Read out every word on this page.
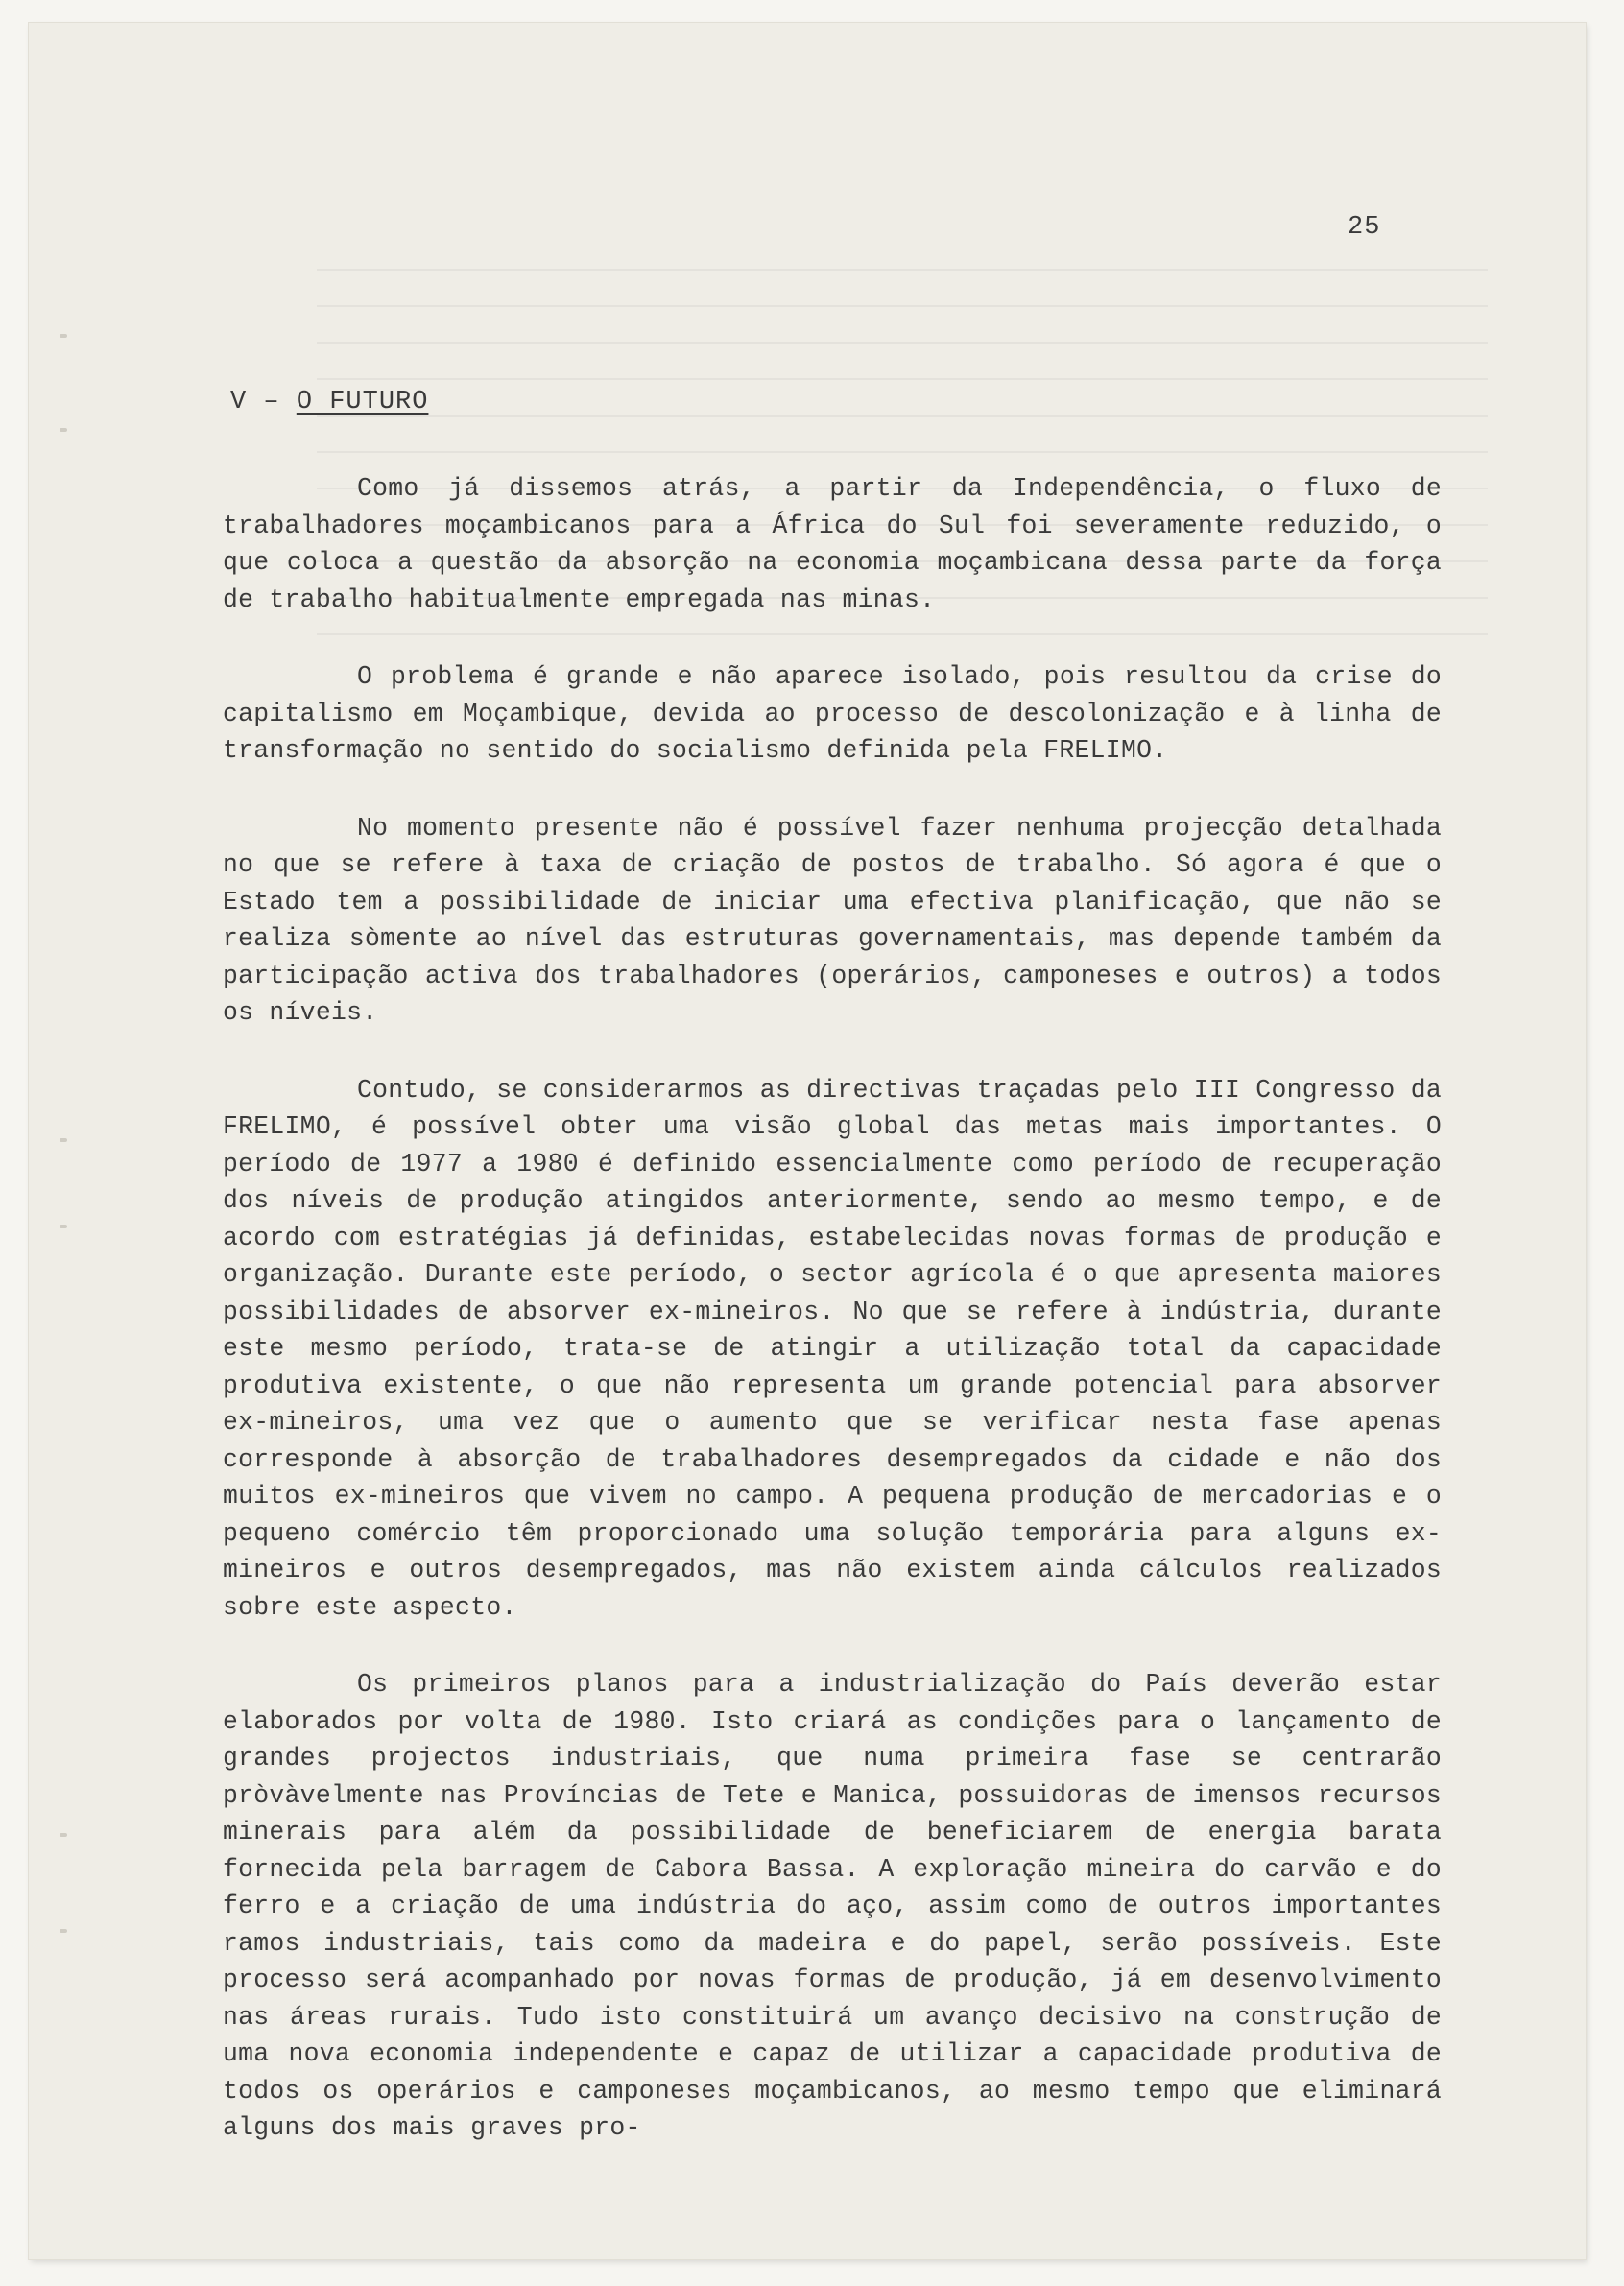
25
V – O FUTURO

Como já dissemos atrás, a partir da Independência, o fluxo de trabalhadores moçambicanos para a África do Sul foi severamente reduzido, o que coloca a questão da absorção na economia moçambicana dessa parte da força de trabalho habitualmente empregada nas minas.

O problema é grande e não aparece isolado, pois resultou da crise do capitalismo em Moçambique, devida ao processo de descolonização e à linha de transformação no sentido do socialismo definida pela FRELIMO.

No momento presente não é possível fazer nenhuma projecção detalhada no que se refere à taxa de criação de postos de trabalho. Só agora é que o Estado tem a possibilidade de iniciar uma efectiva planificação, que não se realiza sòmente ao nível das estruturas governamentais, mas depende também da participação activa dos trabalhadores (operários, camponeses e outros) a todos os níveis.

Contudo, se considerarmos as directivas traçadas pelo III Congresso da FRELIMO, é possível obter uma visão global das metas mais importantes. O período de 1977 a 1980 é definido essencialmente como período de recuperação dos níveis de produção atingidos anteriormente, sendo ao mesmo tempo, e de acordo com estratégias já definidas, estabelecidas novas formas de produção e organização. Durante este período, o sector agrícola é o que apresenta maiores possibilidades de absorver ex-mineiros. No que se refere à indústria, durante este mesmo período, trata-se de atingir a utilização total da capacidade produtiva existente, o que não representa um grande potencial para absorver ex-mineiros, uma vez que o aumento que se verificar nesta fase apenas corresponde à absorção de trabalhadores desempregados da cidade e não dos muitos ex-mineiros que vivem no campo. A pequena produção de mercadorias e o pequeno comércio têm proporcionado uma solução temporária para alguns ex-mineiros e outros desempregados, mas não existem ainda cálculos realizados sobre este aspecto.

Os primeiros planos para a industrialização do País deverão estar elaborados por volta de 1980. Isto criará as condições para o lançamento de grandes projectos industriais, que numa primeira fase se centrarão pròvàvelmente nas Províncias de Tete e Manica, possuidoras de imensos recursos minerais para além da possibilidade de beneficiarem de energia barata fornecida pela barragem de Cabora Bassa. A exploração mineira do carvão e do ferro e a criação de uma indústria do aço, assim como de outros importantes ramos industriais, tais como da madeira e do papel, serão possíveis. Este processo será acompanhado por novas formas de produção, já em desenvolvimento nas áreas rurais. Tudo isto constituirá um avanço decisivo na construção de uma nova economia independente e capaz de utilizar a capacidade produtiva de todos os operários e camponeses moçambicanos, ao mesmo tempo que eliminará alguns dos mais graves pro-
